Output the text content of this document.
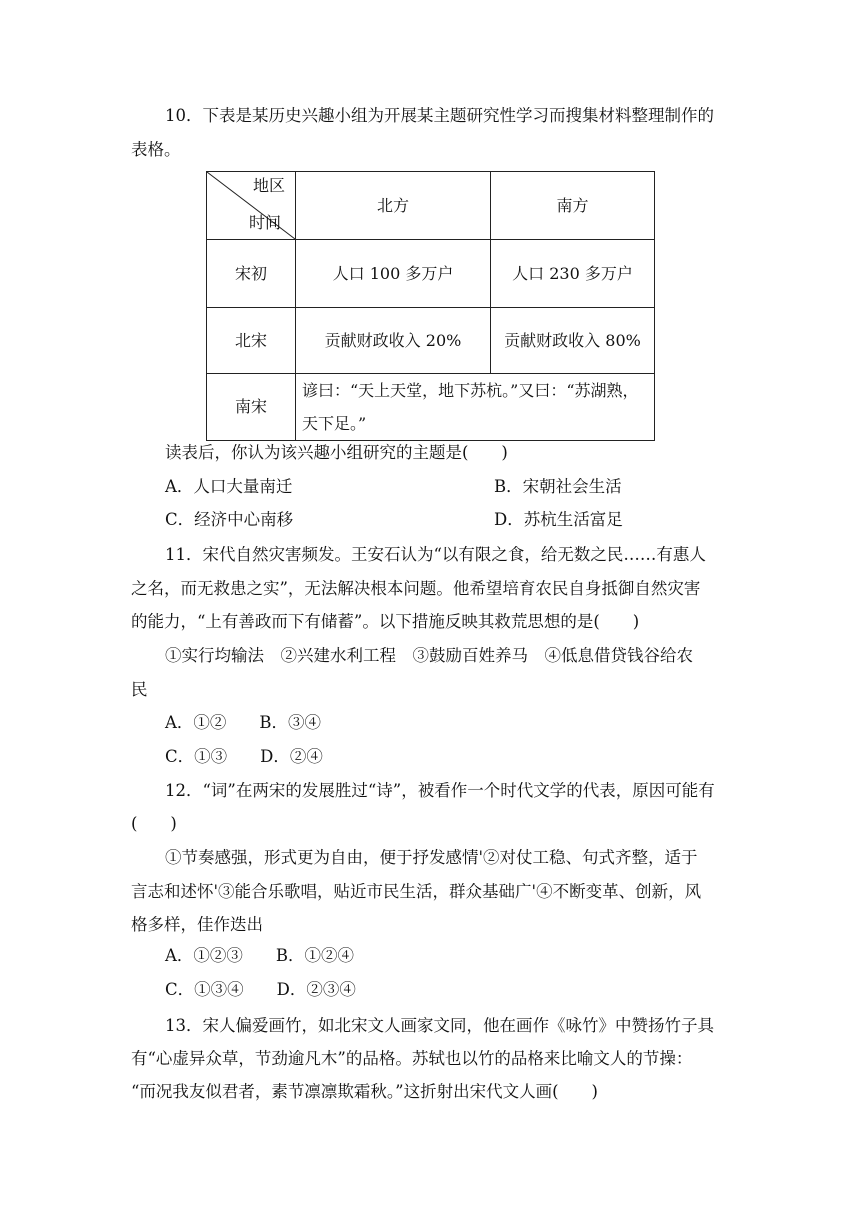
10．下表是某历史兴趣小组为开展某主题研究性学习而搜集材料整理制作的
表格。
地区
时间	北方	南方
宋初	人口 100 多万户	人口 230 多万户
北宋	贡献财政收入 20%	贡献财政收入 80%
南宋	谚曰：“天上天堂，地下苏杭。”又曰：“苏湖熟，天下足。”	
读表后，你认为该兴趣小组研究的主题是(　　)
A．人口大量南迁	B．宋朝社会生活
C．经济中心南移	D．苏杭生活富足
11．宋代自然灾害频发。王安石认为“以有限之食，给无数之民……有惠人
之名，而无救患之实”，无法解决根本问题。他希望培育农民自身抵御自然灾害
的能力，“上有善政而下有储蓄”。以下措施反映其救荒思想的是(　　)
①实行均输法　②兴建水利工程　③鼓励百姓养马　④低息借贷钱谷给农
民
A．①②　　B．③④
C．①③　　D．②④
12．“词”在两宋的发展胜过“诗”，被看作一个时代文学的代表，原因可能有
(　　)
①节奏感强，形式更为自由，便于抒发感情'②对仗工稳、句式齐整，适于
言志和述怀'③能合乐歌唱，贴近市民生活，群众基础广'④不断变革、创新，风
格多样，佳作迭出
A．①②③　　B．①②④
C．①③④　　D．②③④
13．宋人偏爱画竹，如北宋文人画家文同，他在画作《咏竹》中赞扬竹子具
有“心虚异众草，节劲逾凡木”的品格。苏轼也以竹的品格来比喻文人的节操：
“而况我友似君者，素节凛凛欺霜秋。”这折射出宋代文人画(　　)
